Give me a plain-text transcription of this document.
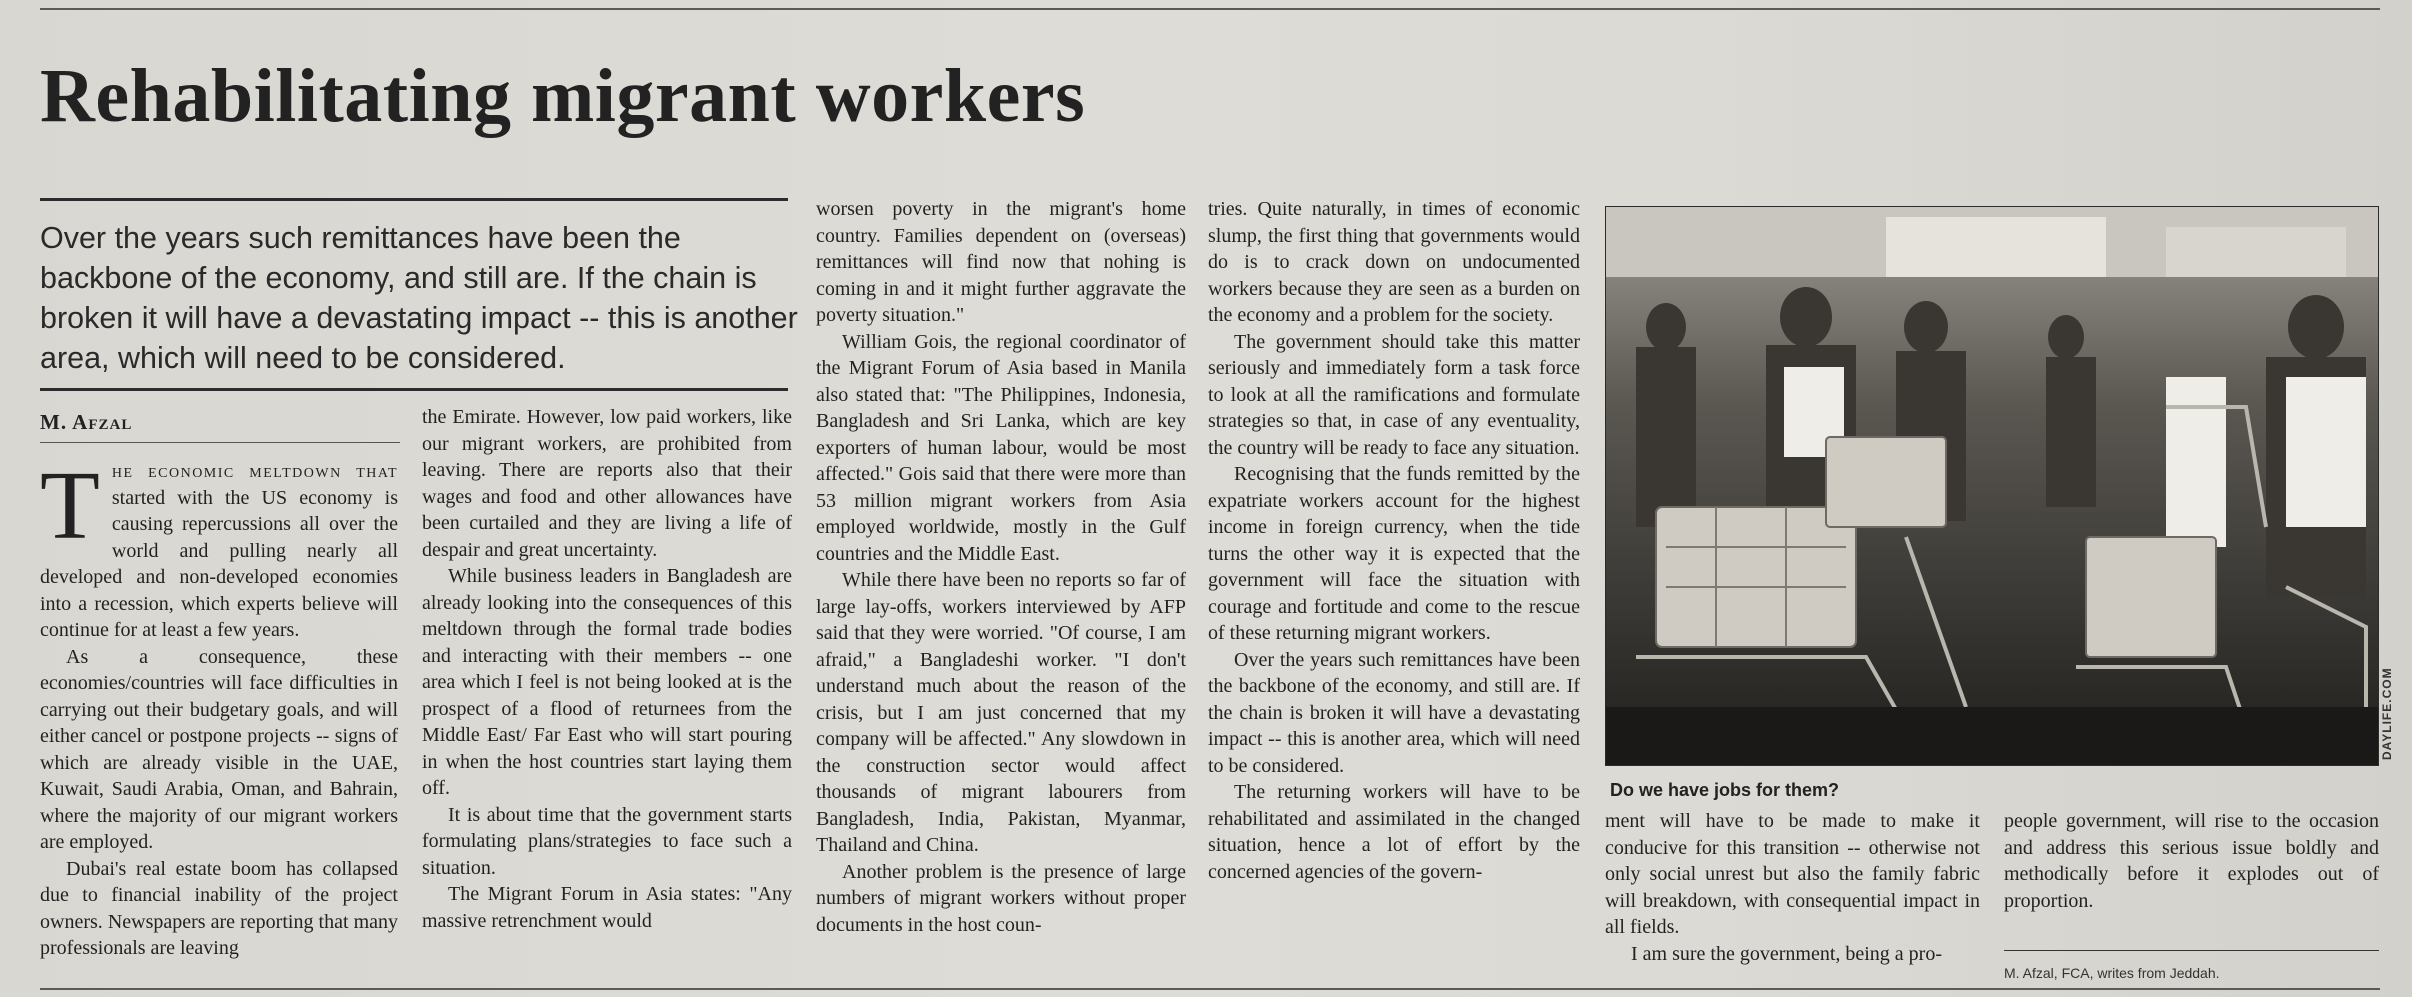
Rehabilitating migrant workers

Over the years such remittances have been the backbone of the economy, and still are. If the chain is broken it will have a devastating impact -- this is another area, which will need to be considered.

M. Afzal

The economic meltdown that started with the US economy is causing repercussions all over the world and pulling nearly all developed and non-developed economies into a recession, which experts believe will continue for at least a few years.

As a consequence, these economies/countries will face difficulties in carrying out their budgetary goals, and will either cancel or postpone projects -- signs of which are already visible in the UAE, Kuwait, Saudi Arabia, Oman, and Bahrain, where the majority of our migrant workers are employed.

Dubai's real estate boom has collapsed due to financial inability of the project owners. Newspapers are reporting that many professionals are leaving

the Emirate. However, low paid workers, like our migrant workers, are prohibited from leaving. There are reports also that their wages and food and other allowances have been curtailed and they are living a life of despair and great uncertainty.

While business leaders in Bangladesh are already looking into the consequences of this meltdown through the formal trade bodies and interacting with their members -- one area which I feel is not being looked at is the prospect of a flood of returnees from the Middle East/ Far East who will start pouring in when the host countries start laying them off.

It is about time that the government starts formulating plans/strategies to face such a situation.

The Migrant Forum in Asia states: "Any massive retrenchment would

worsen poverty in the migrant's home country. Families dependent on (overseas) remittances will find now that nohing is coming in and it might further aggravate the poverty situation."

William Gois, the regional coordinator of the Migrant Forum of Asia based in Manila also stated that: "The Philippines, Indonesia, Bangladesh and Sri Lanka, which are key exporters of human labour, would be most affected." Gois said that there were more than 53 million migrant workers from Asia employed worldwide, mostly in the Gulf countries and the Middle East.

While there have been no reports so far of large lay-offs, workers interviewed by AFP said that they were worried. "Of course, I am afraid," a Bangladeshi worker. "I don't understand much about the reason of the crisis, but I am just concerned that my company will be affected." Any slowdown in the construction sector would affect thousands of migrant labourers from Bangladesh, India, Pakistan, Myanmar, Thailand and China.

Another problem is the presence of large numbers of migrant workers without proper documents in the host coun-

tries. Quite naturally, in times of economic slump, the first thing that governments would do is to crack down on undocumented workers because they are seen as a burden on the economy and a problem for the society.

The government should take this matter seriously and immediately form a task force to look at all the ramifications and formulate strategies so that, in case of any eventuality, the country will be ready to face any situation.

Recognising that the funds remitted by the expatriate workers account for the highest income in foreign currency, when the tide turns the other way it is expected that the government will face the situation with courage and fortitude and come to the rescue of these returning migrant workers.

Over the years such remittances have been the backbone of the economy, and still are. If the chain is broken it will have a devastating impact -- this is another area, which will need to be considered.

The returning workers will have to be rehabilitated and assimilated in the changed situation, hence a lot of effort by the concerned agencies of the govern-

DAYLIFE.COM

Do we have jobs for them?

ment will have to be made to make it conducive for this transition -- otherwise not only social unrest but also the family fabric will breakdown, with consequential impact in all fields.

I am sure the government, being a pro-

people government, will rise to the occasion and address this serious issue boldly and methodically before it explodes out of proportion.

M. Afzal, FCA, writes from Jeddah.
